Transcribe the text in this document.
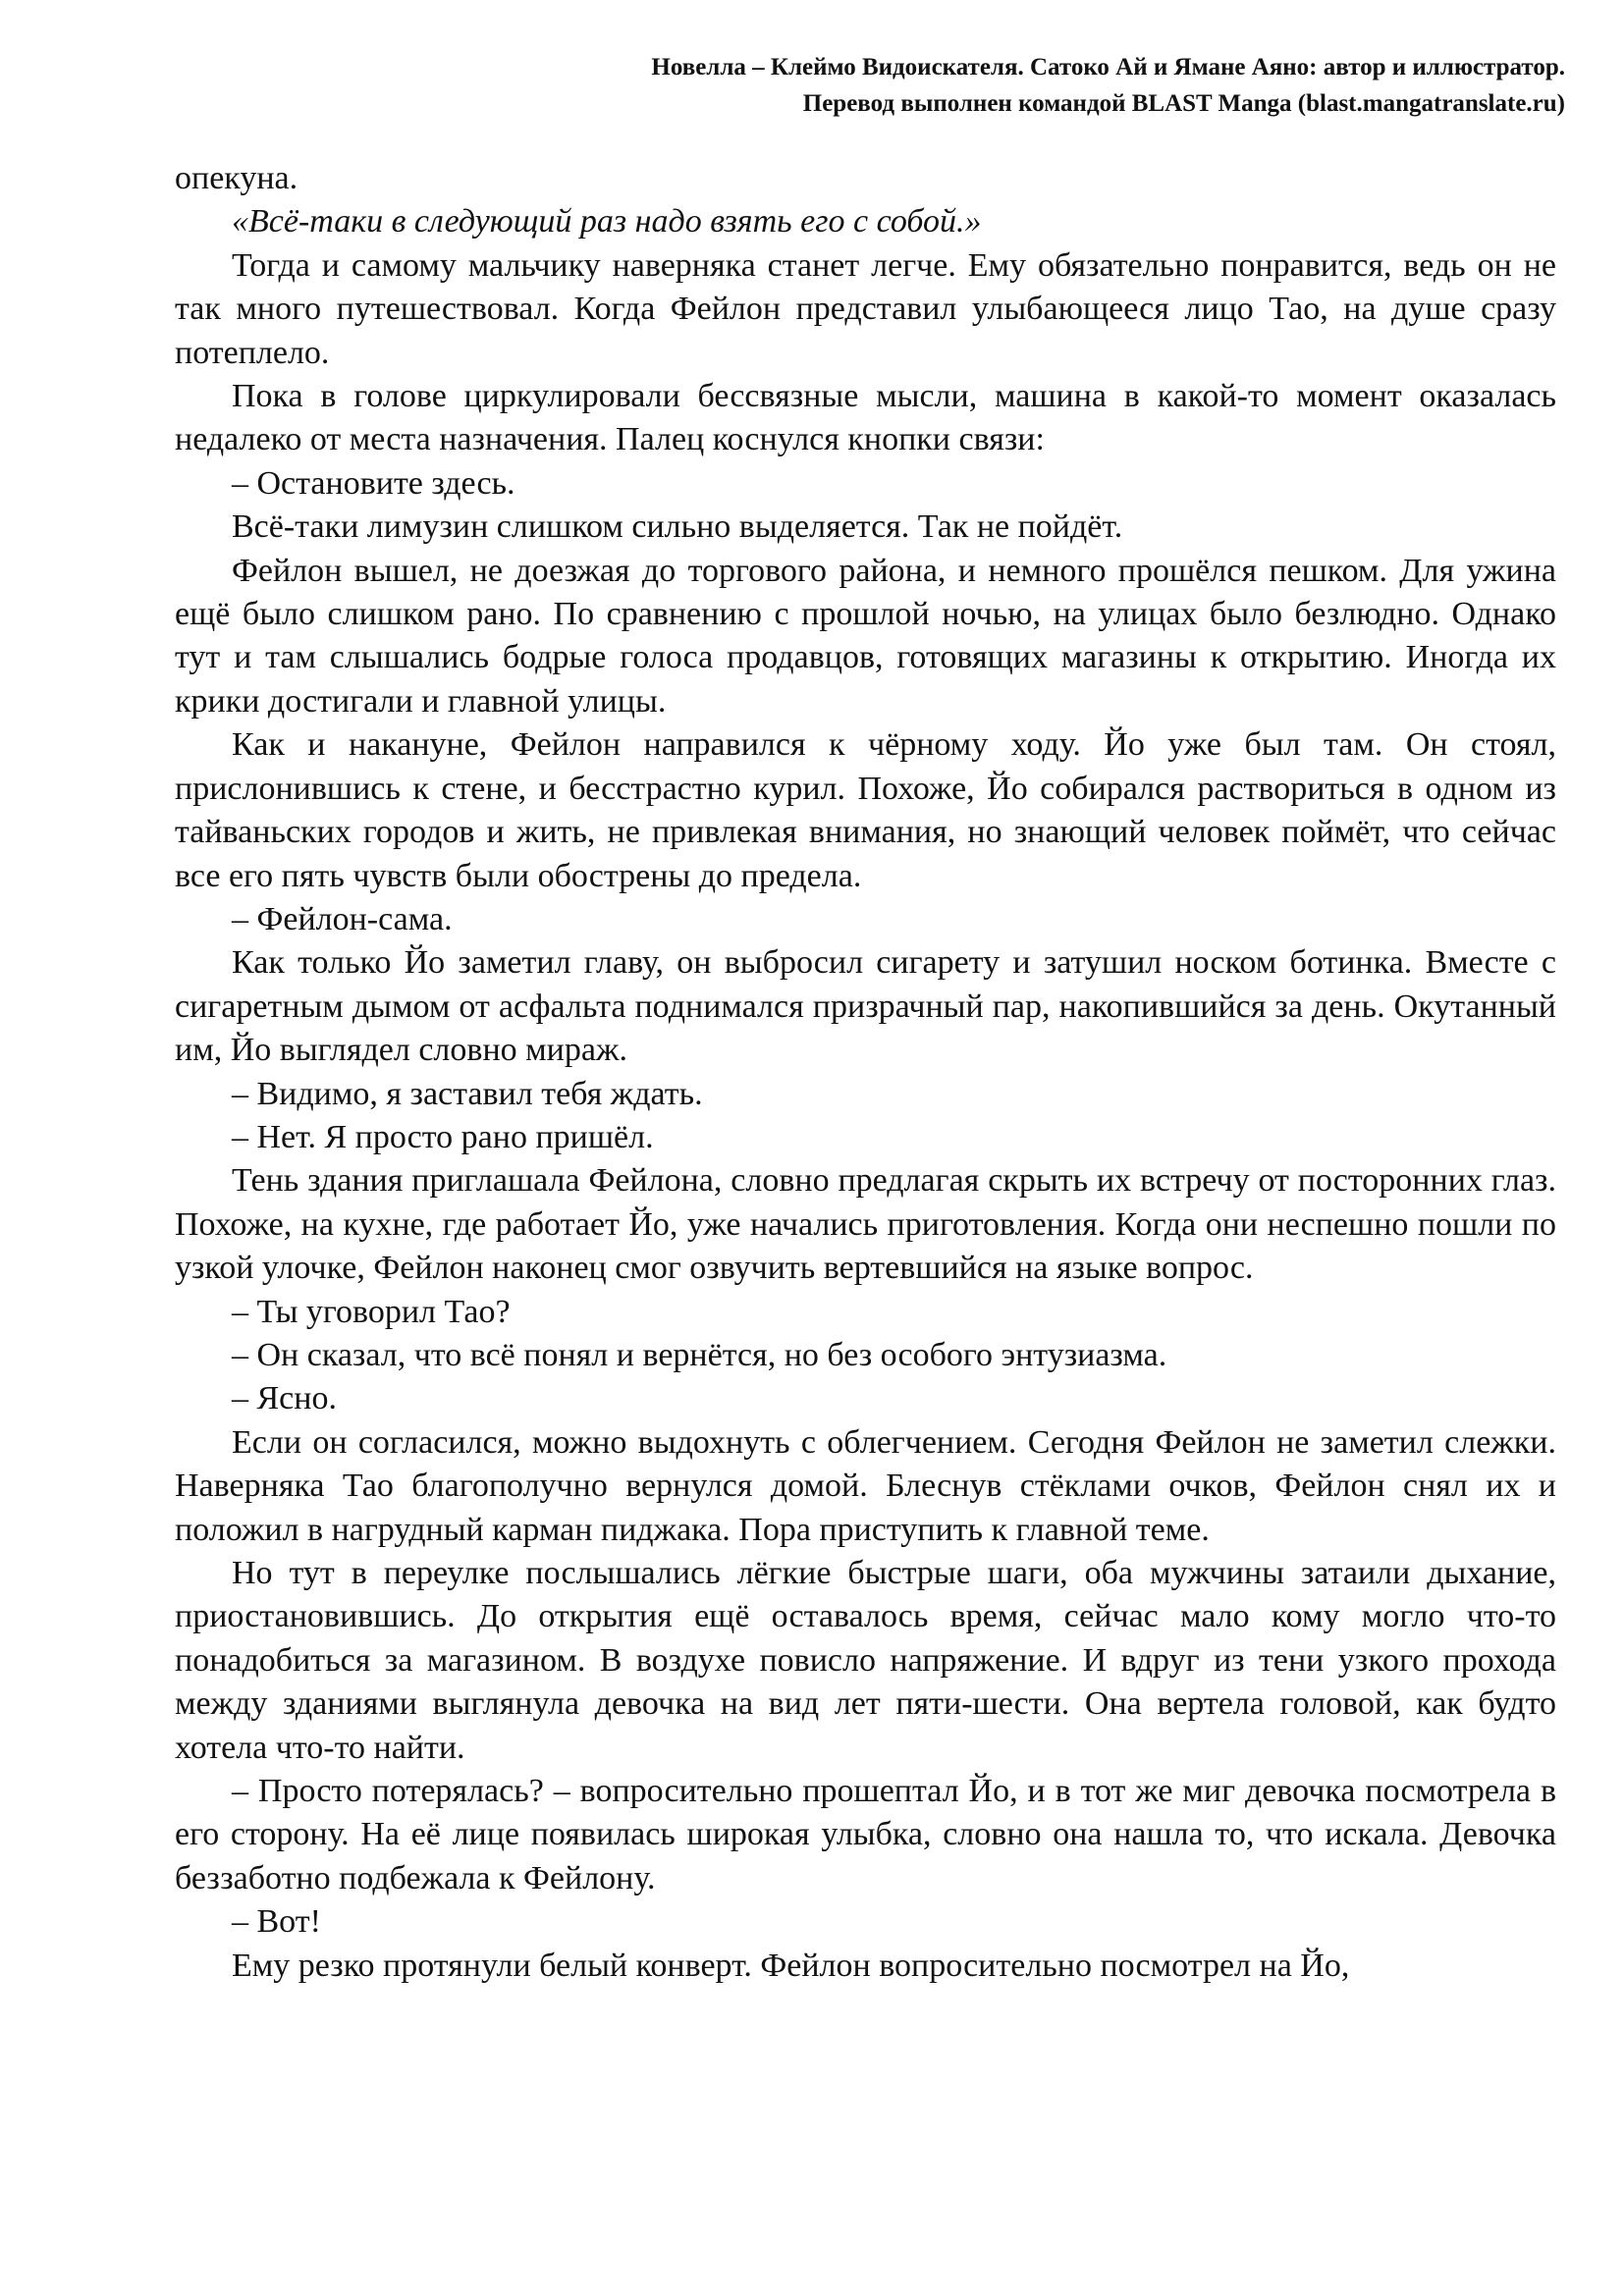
Новелла – Клеймо Видоискателя. Сатоко Ай и Ямане Аяно: автор и иллюстратор.
Перевод выполнен командой BLAST Manga (blast.mangatranslate.ru)

опекуна.

«Всё-таки в следующий раз надо взять его с собой.»

Тогда и самому мальчику наверняка станет легче. Ему обязательно понравится, ведь он не так много путешествовал. Когда Фейлон представил улыбающееся лицо Тао, на душе сразу потеплело.

Пока в голове циркулировали бессвязные мысли, машина в какой-то момент оказалась недалеко от места назначения. Палец коснулся кнопки связи:

– Остановите здесь.

Всё-таки лимузин слишком сильно выделяется. Так не пойдёт.

Фейлон вышел, не доезжая до торгового района, и немного прошёлся пешком. Для ужина ещё было слишком рано. По сравнению с прошлой ночью, на улицах было безлюдно. Однако тут и там слышались бодрые голоса продавцов, готовящих магазины к открытию. Иногда их крики достигали и главной улицы.

Как и накануне, Фейлон направился к чёрному ходу. Йо уже был там. Он стоял, прислонившись к стене, и бесстрастно курил. Похоже, Йо собирался раствориться в одном из тайваньских городов и жить, не привлекая внимания, но знающий человек поймёт, что сейчас все его пять чувств были обострены до предела.

– Фейлон-сама.

Как только Йо заметил главу, он выбросил сигарету и затушил носком ботинка. Вместе с сигаретным дымом от асфальта поднимался призрачный пар, накопившийся за день. Окутанный им, Йо выглядел словно мираж.

– Видимо, я заставил тебя ждать.

– Нет. Я просто рано пришёл.

Тень здания приглашала Фейлона, словно предлагая скрыть их встречу от посторонних глаз. Похоже, на кухне, где работает Йо, уже начались приготовления. Когда они неспешно пошли по узкой улочке, Фейлон наконец смог озвучить вертевшийся на языке вопрос.

– Ты уговорил Тао?

– Он сказал, что всё понял и вернётся, но без особого энтузиазма.

– Ясно.

Если он согласился, можно выдохнуть с облегчением. Сегодня Фейлон не заметил слежки. Наверняка Тао благополучно вернулся домой. Блеснув стёклами очков, Фейлон снял их и положил в нагрудный карман пиджака. Пора приступить к главной теме.

Но тут в переулке послышались лёгкие быстрые шаги, оба мужчины затаили дыхание, приостановившись. До открытия ещё оставалось время, сейчас мало кому могло что-то понадобиться за магазином. В воздухе повисло напряжение. И вдруг из тени узкого прохода между зданиями выглянула девочка на вид лет пяти-шести. Она вертела головой, как будто хотела что-то найти.

– Просто потерялась? – вопросительно прошептал Йо, и в тот же миг девочка посмотрела в его сторону. На её лице появилась широкая улыбка, словно она нашла то, что искала. Девочка беззаботно подбежала к Фейлону.

– Вот!

Ему резко протянули белый конверт. Фейлон вопросительно посмотрел на Йо,
